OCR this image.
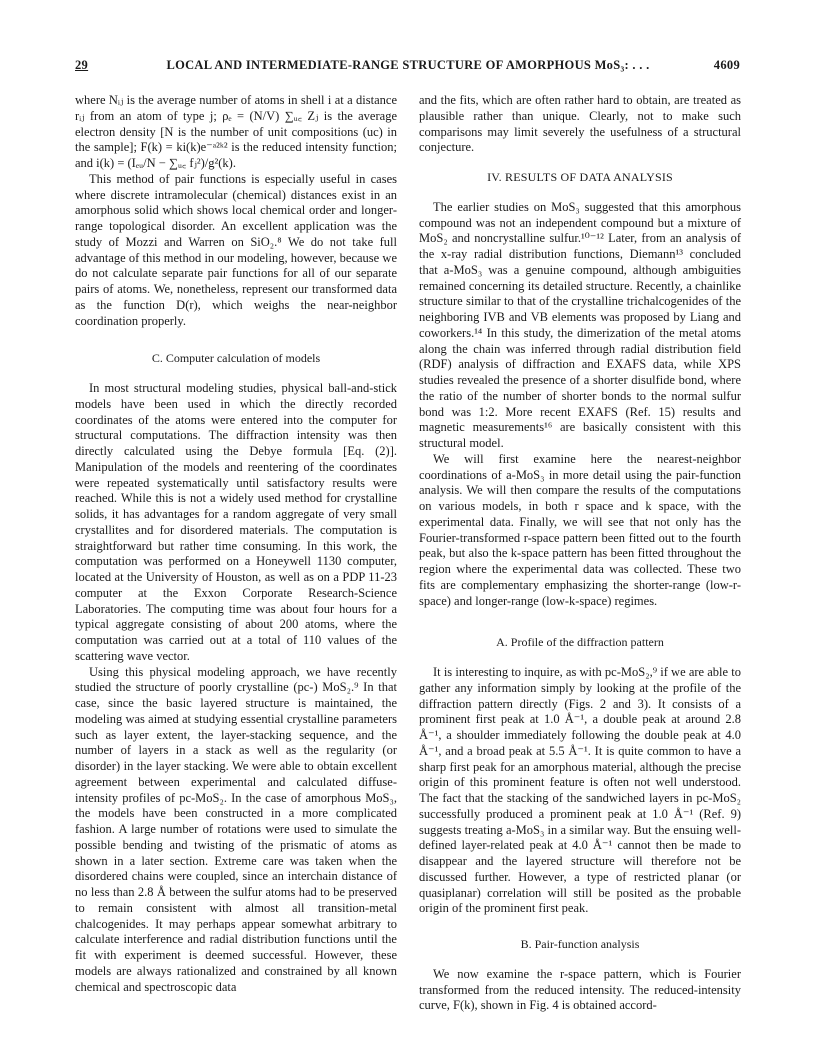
LOCAL AND INTERMEDIATE-RANGE STRUCTURE OF AMORPHOUS MoS₃: . . .
29	4609

where Nᵢⱼ is the average number of atoms in shell i at a distance rᵢⱼ from an atom of type j; ρₑ = (N/V) ∑ᵤ꜀ Zⱼ is the average electron density [N is the number of unit compositions (uc) in the sample]; F(k) = ki(k)e⁻ᵃ²ᵏ² is the reduced intensity function; and i(k) = (Iₑᵤ/N − ∑ᵤ꜀ fⱼ²)/g²(k).

This method of pair functions is especially useful in cases where discrete intramolecular (chemical) distances exist in an amorphous solid which shows local chemical order and longer-range topological disorder. An excellent application was the study of Mozzi and Warren on SiO₂.⁸ We do not take full advantage of this method in our modeling, however, because we do not calculate separate pair functions for all of our separate pairs of atoms. We, nonetheless, represent our transformed data as the function D(r), which weighs the near-neighbor coordination properly.

C. Computer calculation of models

In most structural modeling studies, physical ball-and-stick models have been used in which the directly recorded coordinates of the atoms were entered into the computer for structural computations. The diffraction intensity was then directly calculated using the Debye formula [Eq. (2)]. Manipulation of the models and reentering of the coordinates were repeated systematically until satisfactory results were reached. While this is not a widely used method for crystalline solids, it has advantages for a random aggregate of very small crystallites and for disordered materials. The computation is straightforward but rather time consuming. In this work, the computation was performed on a Honeywell 1130 computer, located at the University of Houston, as well as on a PDP 11-23 computer at the Exxon Corporate Research-Science Laboratories. The computing time was about four hours for a typical aggregate consisting of about 200 atoms, where the computation was carried out at a total of 110 values of the scattering wave vector.

Using this physical modeling approach, we have recently studied the structure of poorly crystalline (pc-) MoS₂.⁹ In that case, since the basic layered structure is maintained, the modeling was aimed at studying essential crystalline parameters such as layer extent, the layer-stacking sequence, and the number of layers in a stack as well as the regularity (or disorder) in the layer stacking. We were able to obtain excellent agreement between experimental and calculated diffuse-intensity profiles of pc-MoS₂. In the case of amorphous MoS₃, the models have been constructed in a more complicated fashion. A large number of rotations were used to simulate the possible bending and twisting of the prismatic of atoms as shown in a later section. Extreme care was taken when the disordered chains were coupled, since an interchain distance of no less than 2.8 Å between the sulfur atoms had to be preserved to remain consistent with almost all transition-metal chalcogenides. It may perhaps appear somewhat arbitrary to calculate interference and radial distribution functions until the fit with experiment is deemed successful. However, these models are always rationalized and constrained by all known chemical and spectroscopic data

and the fits, which are often rather hard to obtain, are treated as plausible rather than unique. Clearly, not to make such comparisons may limit severely the usefulness of a structural conjecture.

IV. RESULTS OF DATA ANALYSIS

The earlier studies on MoS₃ suggested that this amorphous compound was not an independent compound but a mixture of MoS₂ and noncrystalline sulfur.¹⁰⁻¹² Later, from an analysis of the x-ray radial distribution functions, Diemann¹³ concluded that a-MoS₃ was a genuine compound, although ambiguities remained concerning its detailed structure. Recently, a chainlike structure similar to that of the crystalline trichalcogenides of the neighboring IVB and VB elements was proposed by Liang and coworkers.¹⁴ In this study, the dimerization of the metal atoms along the chain was inferred through radial distribution field (RDF) analysis of diffraction and EXAFS data, while XPS studies revealed the presence of a shorter disulfide bond, where the ratio of the number of shorter bonds to the normal sulfur bond was 1:2. More recent EXAFS (Ref. 15) results and magnetic measurements¹⁶ are basically consistent with this structural model.

We will first examine here the nearest-neighbor coordinations of a-MoS₃ in more detail using the pair-function analysis. We will then compare the results of the computations on various models, in both r space and k space, with the experimental data. Finally, we will see that not only has the Fourier-transformed r-space pattern been fitted out to the fourth peak, but also the k-space pattern has been fitted throughout the region where the experimental data was collected. These two fits are complementary emphasizing the shorter-range (low-r-space) and longer-range (low-k-space) regimes.

A. Profile of the diffraction pattern

It is interesting to inquire, as with pc-MoS₂,⁹ if we are able to gather any information simply by looking at the profile of the diffraction pattern directly (Figs. 2 and 3). It consists of a prominent first peak at 1.0 Å⁻¹, a double peak at around 2.8 Å⁻¹, a shoulder immediately following the double peak at 4.0 Å⁻¹, and a broad peak at 5.5 Å⁻¹. It is quite common to have a sharp first peak for an amorphous material, although the precise origin of this prominent feature is often not well understood. The fact that the stacking of the sandwiched layers in pc-MoS₂ successfully produced a prominent peak at 1.0 Å⁻¹ (Ref. 9) suggests treating a-MoS₃ in a similar way. But the ensuing well-defined layer-related peak at 4.0 Å⁻¹ cannot then be made to disappear and the layered structure will therefore not be discussed further. However, a type of restricted planar (or quasiplanar) correlation will still be posited as the probable origin of the prominent first peak.

B. Pair-function analysis

We now examine the r-space pattern, which is Fourier transformed from the reduced intensity. The reduced-intensity curve, F(k), shown in Fig. 4 is obtained accord-
